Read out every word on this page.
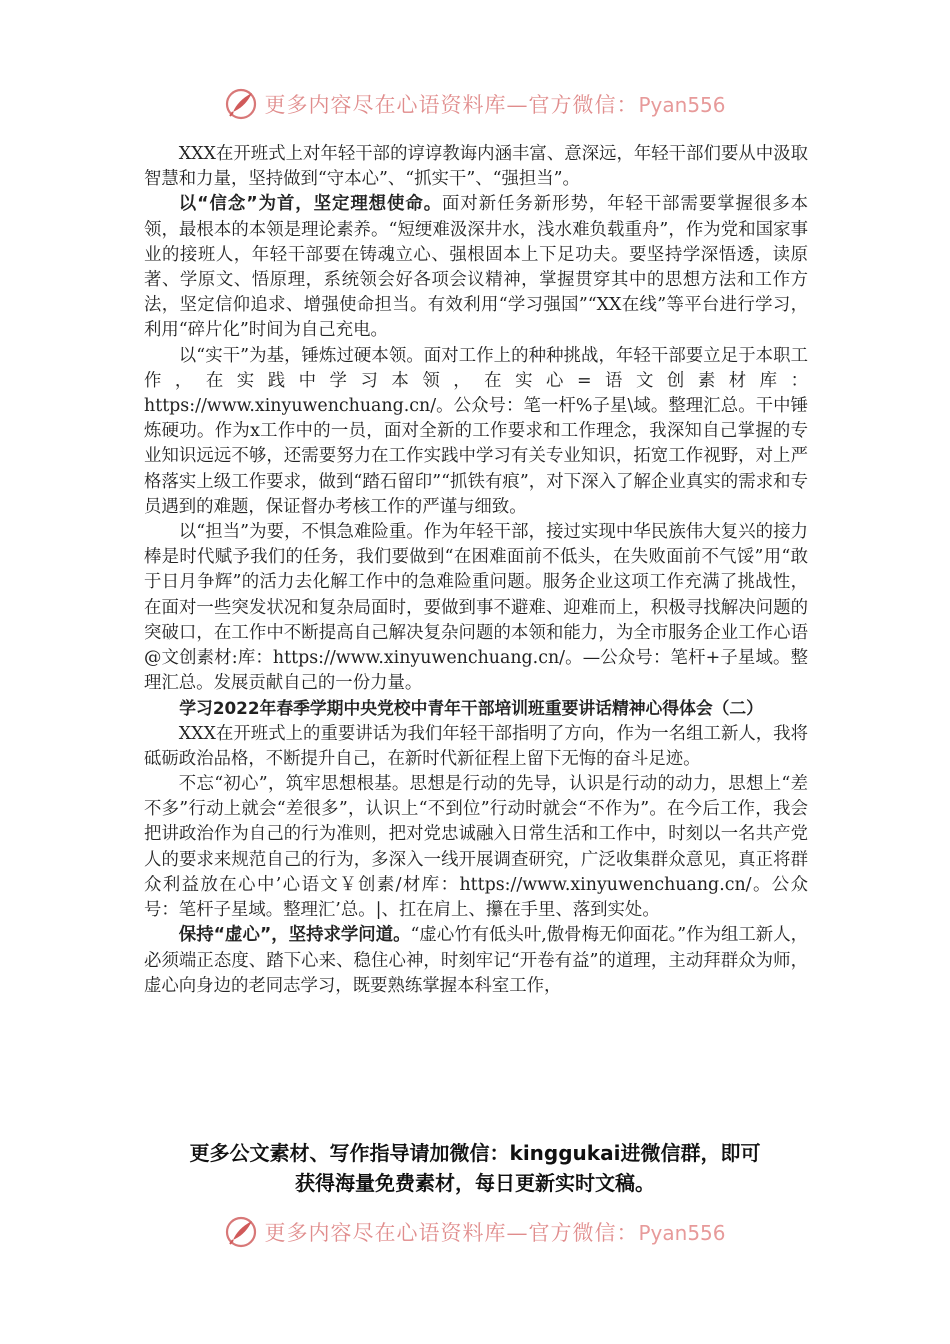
更多内容尽在心语资料库—官方微信：Pyan556

XXX在开班式上对年轻干部的谆谆教诲内涵丰富、意深远，年轻干部们要从中汲取智慧和力量，坚持做到“守本心”、“抓实干”、“强担当”。

以“信念”为首，坚定理想使命。面对新任务新形势，年轻干部需要掌握很多本领，最根本的本领是理论素养。“短绠难汲深井水，浅水难负载重舟”，作为党和国家事业的接班人，年轻干部要在铸魂立心、强根固本上下足功夫。要坚持学深悟透，读原著、学原文、悟原理，系统领会好各项会议精神，掌握贯穿其中的思想方法和工作方法，坚定信仰追求、增强使命担当。有效利用“学习强国”“XX在线”等平台进行学习，利用“碎片化”时间为自己充电。

以“实干”为基，锤炼过硬本领。面对工作上的种种挑战，年轻干部要立足于本职工作，在实践中学习本领，在实心=语文创素材库：https://www.xinyuwenchuang.cn/。公众号：笔一杆%子星\域。整理汇总。干中锤炼硬功。作为x工作中的一员，面对全新的工作要求和工作理念，我深知自己掌握的专业知识远远不够，还需要努力在工作实践中学习有关专业知识，拓宽工作视野，对上严格落实上级工作要求，做到“踏石留印”“抓铁有痕”，对下深入了解企业真实的需求和专员遇到的难题，保证督办考核工作的严谨与细致。

以“担当”为要，不惧急难险重。作为年轻干部，接过实现中华民族伟大复兴的接力棒是时代赋予我们的任务，我们要做到“在困难面前不低头，在失败面前不气馁”用“敢于日月争辉”的活力去化解工作中的急难险重问题。服务企业这项工作充满了挑战性，在面对一些突发状况和复杂局面时，要做到事不避难、迎难而上，积极寻找解决问题的突破口，在工作中不断提高自己解决复杂问题的本领和能力，为全市服务企业工作心语@文创素材:库：https://www.xinyuwenchuang.cn/。—公众号：笔杆+子星域。整理汇总。发展贡献自己的一份力量。

学习2022年春季学期中央党校中青年干部培训班重要讲话精神心得体会（二）

XXX在开班式上的重要讲话为我们年轻干部指明了方向，作为一名组工新人，我将砥砺政治品格，不断提升自己，在新时代新征程上留下无悔的奋斗足迹。

不忘“初心”，筑牢思想根基。思想是行动的先导，认识是行动的动力，思想上“差不多”行动上就会“差很多”，认识上“不到位”行动时就会“不作为”。在今后工作，我会把讲政治作为自己的行为准则，把对党忠诚融入日常生活和工作中，时刻以一名共产党人的要求来规范自己的行为，多深入一线开展调查研究，广泛收集群众意见，真正将群众利益放在心中’心语文￥创素/材库：https://www.xinyuwenchuang.cn/。公众号：笔杆子星域。整理汇’总。|、扛在肩上、攥在手里、落到实处。

保持“虚心”，坚持求学问道。“虚心竹有低头叶,傲骨梅无仰面花。”作为组工新人，必须端正态度、踏下心来、稳住心神，时刻牢记“开卷有益”的道理，主动拜群众为师，虚心向身边的老同志学习，既要熟练掌握本科室工作，

更多公文素材、写作指导请加微信：kinggukai进微信群，即可
获得海量免费素材，每日更新实时文稿。
更多内容尽在心语资料库—官方微信：Pyan556
